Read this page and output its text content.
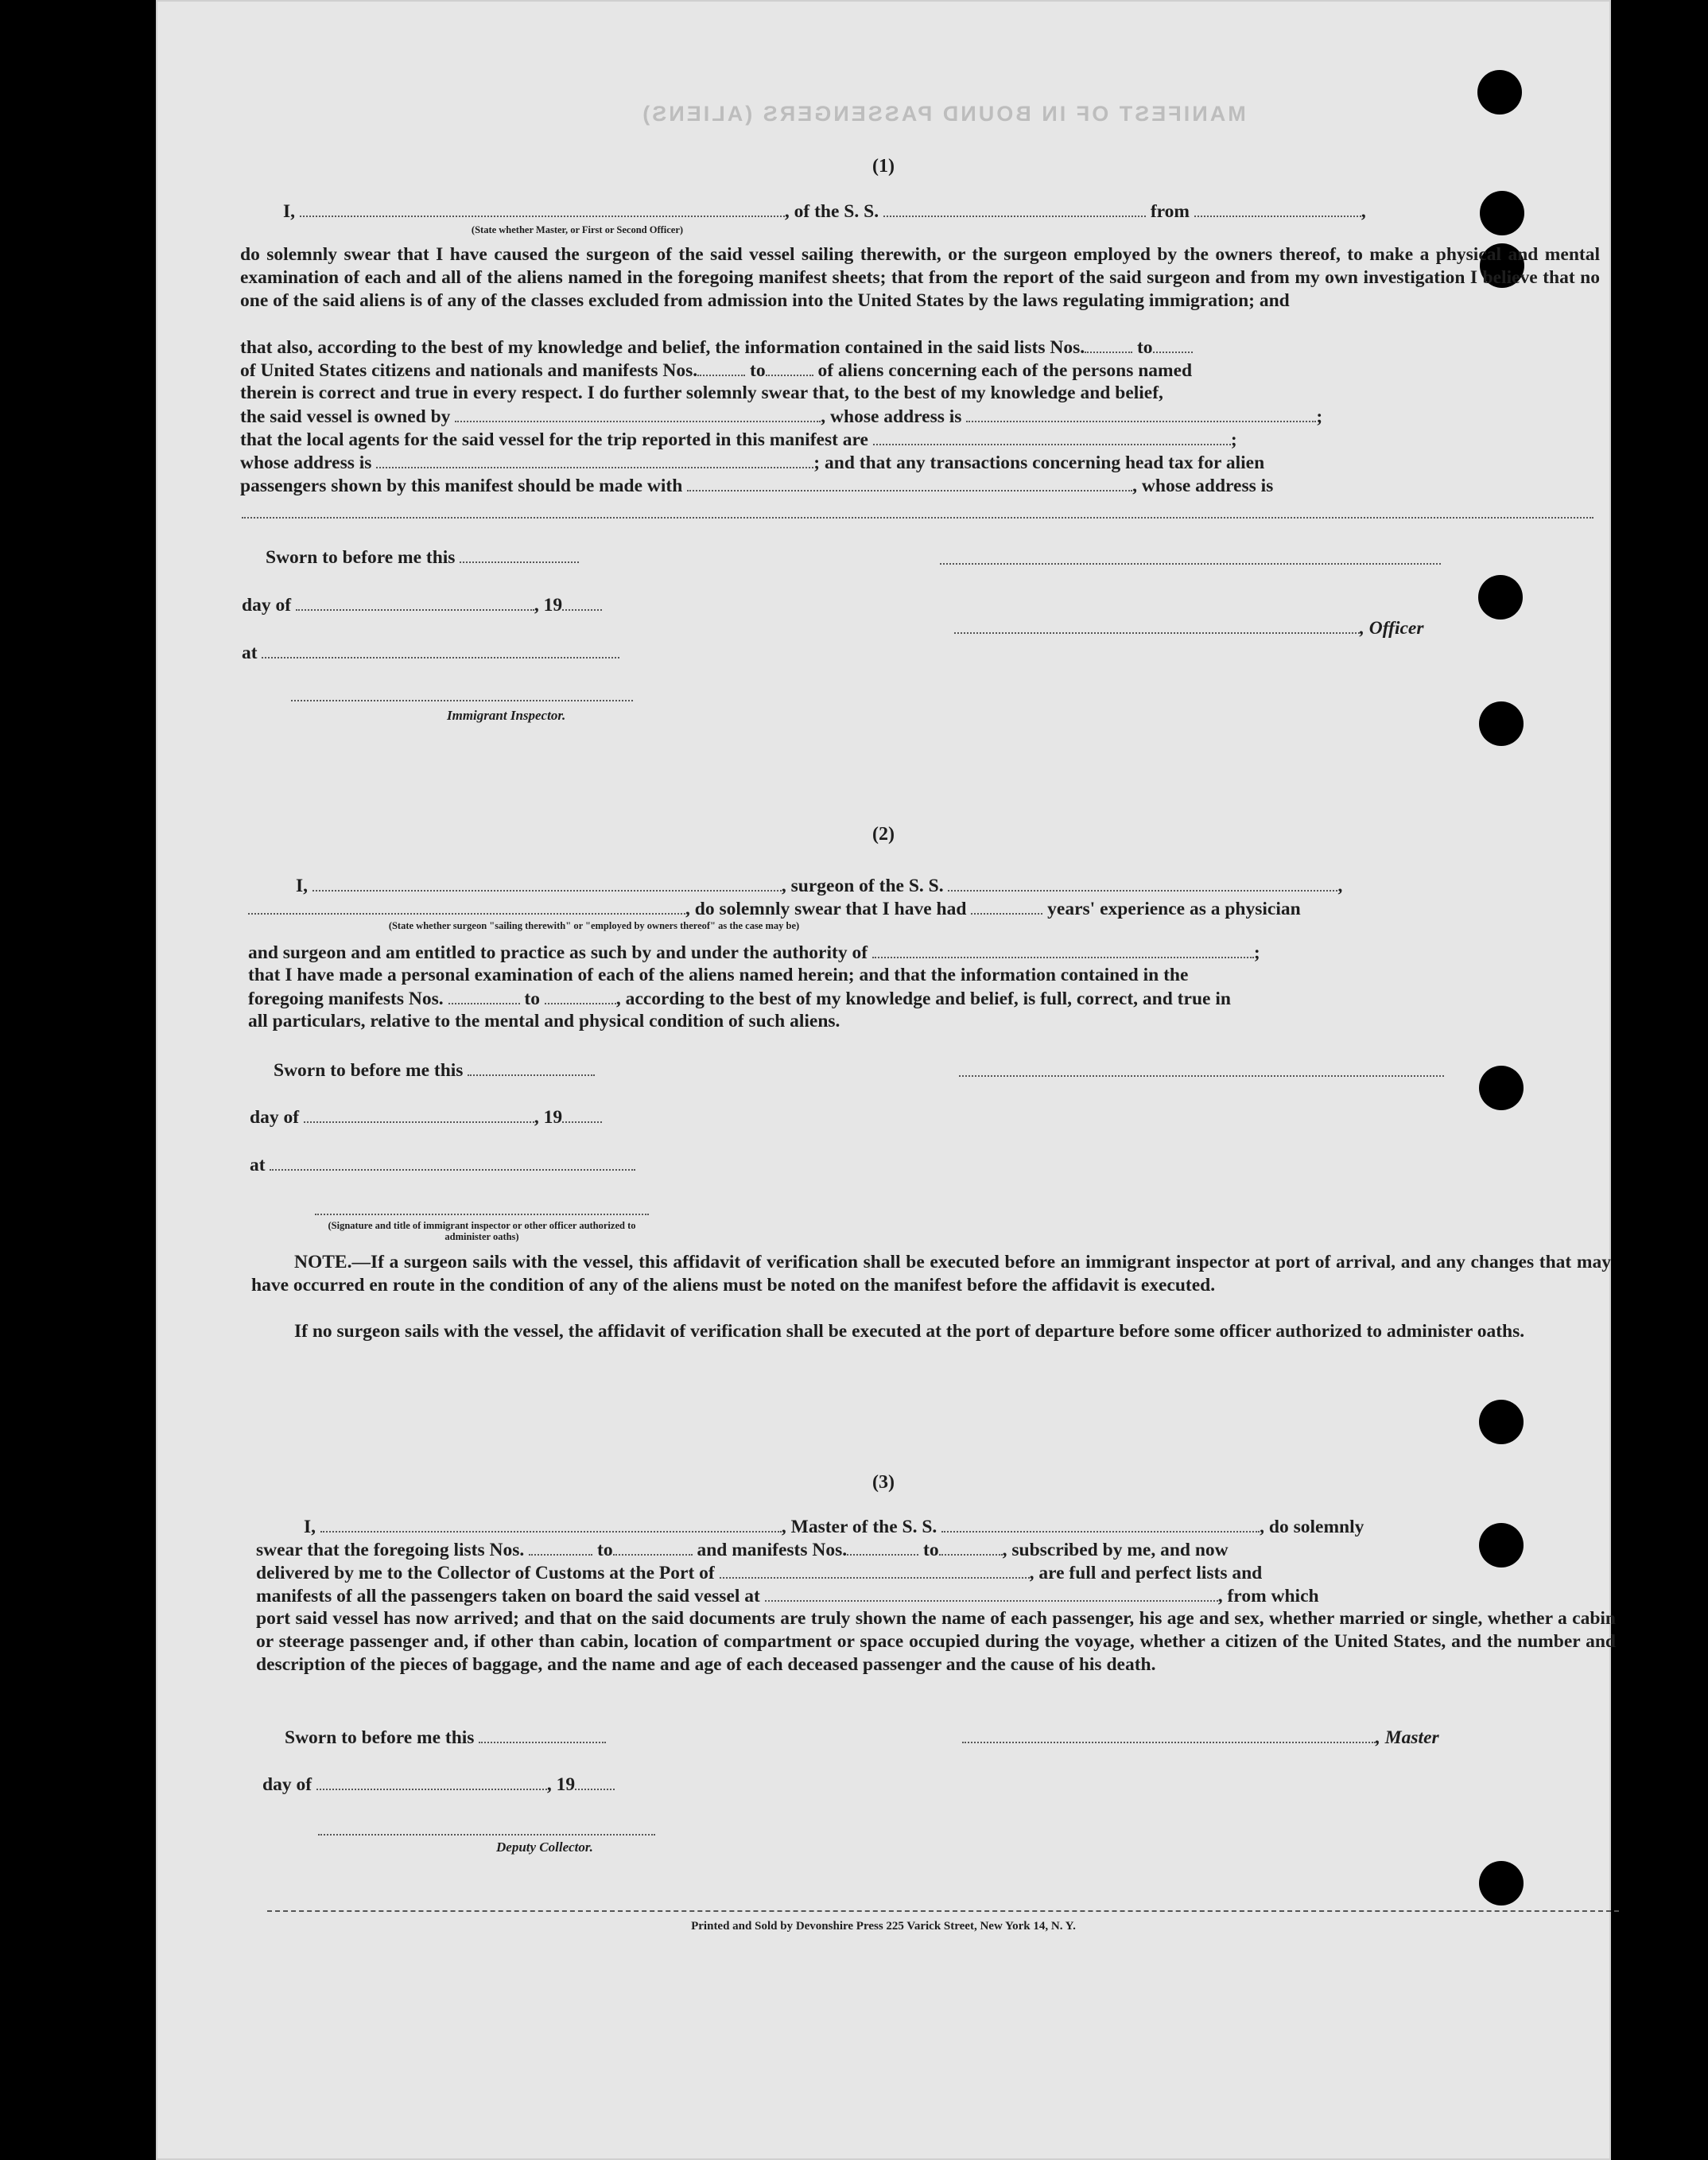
MANIFEST OF IN BOUND PASSENGERS (ALIENS)
(1)
I,	, of the S. S.	from	,
(State whether Master, or First or Second Officer)
do solemnly swear that I have caused the surgeon of the said vessel sailing therewith, or the surgeon employed by the owners thereof, to make a physical and mental examination of each and all of the aliens named in the foregoing manifest sheets; that from the report of the said surgeon and from my own investigation I believe that no one of the said aliens is of any of the classes excluded from admission into the United States by the laws regulating immigration; and
that also, according to the best of my knowledge and belief, the information contained in the said lists Nos.	to
of United States citizens and nationals and manifests Nos.	to	of aliens concerning each of the persons named
therein is correct and true in every respect. I do further solemnly swear that, to the best of my knowledge and belief,
the said vessel is owned by	, whose address is	;
that the local agents for the said vessel for the trip reported in this manifest are	;
whose address is	; and that any transactions concerning head tax for alien
passengers shown by this manifest should be made with	, whose address is
Sworn to before me this
day of	, 19
, Officer
at
Immigrant Inspector.
(2)
I,	, surgeon of the S. S.	,
, do solemnly swear that I have had	years' experience as a physician
(State whether surgeon "sailing therewith" or "employed by owners thereof" as the case may be)
and surgeon and am entitled to practice as such by and under the authority of	;
that I have made a personal examination of each of the aliens named herein; and that the information contained in the
foregoing manifests Nos.	to	, according to the best of my knowledge and belief, is full, correct, and true in
all particulars, relative to the mental and physical condition of such aliens.
Sworn to before me this
day of	, 19
at
(Signature and title of immigrant inspector or other officer authorized to administer oaths)
NOTE.—If a surgeon sails with the vessel, this affidavit of verification shall be executed before an immigrant inspector at port of arrival, and any changes that may have occurred en route in the condition of any of the aliens must be noted on the manifest before the affidavit is executed.
If no surgeon sails with the vessel, the affidavit of verification shall be executed at the port of departure before some officer authorized to administer oaths.
(3)
I,	, Master of the S. S.	, do solemnly
swear that the foregoing lists Nos.	to	and manifests Nos.	to	, subscribed by me, and now
delivered by me to the Collector of Customs at the Port of	, are full and perfect lists and
manifests of all the passengers taken on board the said vessel at	, from which
port said vessel has now arrived; and that on the said documents are truly shown the name of each passenger, his age and sex, whether married or single, whether a cabin or steerage passenger and, if other than cabin, location of compartment or space occupied during the voyage, whether a citizen of the United States, and the number and description of the pieces of baggage, and the name and age of each deceased passenger and the cause of his death.
Sworn to before me this	, Master
day of	, 19
Deputy Collector.
Printed and Sold by Devonshire Press 225 Varick Street, New York 14, N. Y.
